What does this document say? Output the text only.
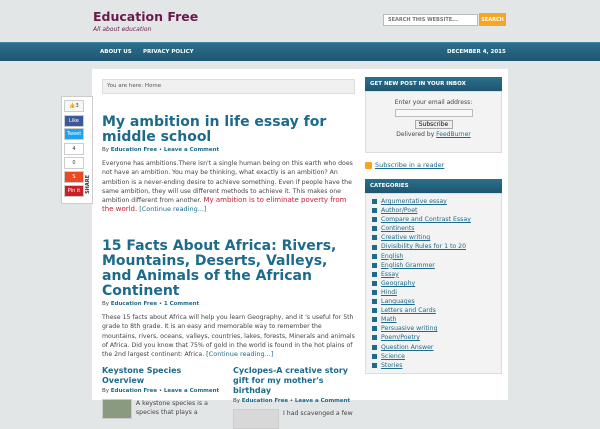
Education Free
All about education
SEARCH THIS WEBSITE...
SEARCH
ABOUT US PRIVACY POLICY	DECEMBER 4, 2015
You are here: Home
My ambition in life essay for middle school
By Education Free • Leave a Comment
Everyone has ambitions.There isn't a single human being on this earth who does not have an ambition. You may be thinking, what exactly is an ambition? An ambition is a never-ending desire to achieve something. Even if people have the same ambition, they will use different methods to achieve it. This makes one ambition different from another. My ambition is to eliminate poverty from the world. [Continue reading...]
15 Facts About Africa: Rivers, Mountains, Deserts, Valleys, and Animals of the African Continent
By Education Free • 1 Comment
These 15 facts about Africa will help you learn Geography, and it 's useful for 5th grade to 8th grade. It is an easy and memorable way to remember the mountains, rivers, oceans, valleys, countries, lakes, forests, Minerals and animals of Africa. Did you know that 75% of gold in the world is found in the hot plains of the 2nd largest continent: Africa. [Continue reading...]
Keystone Species Overview
By Education Free • Leave a Comment
A keystone species is a species that plays a
Cyclopes-A creative story gift for my mother's birthday
By Education Free • Leave a Comment
I had scavenged a few
GET NEW POST IN YOUR INBOX
Enter your email address:
Subscribe
Delivered by FeedBurner
Subscribe in a reader
CATEGORIES
Argumentative essay
Author/Poet
Compare and Contrast Essay
Continents
Creative writing
Divisibility Rules for 1 to 20
English
English Grammer
Essay
Geography
Hindi
Languages
Letters and Cards
Math
Persuasive writing
Poem/Poetry
Question Answer
Science
Stories
👍3
Like
Tweet
4
0
S
Pin it SHARE
